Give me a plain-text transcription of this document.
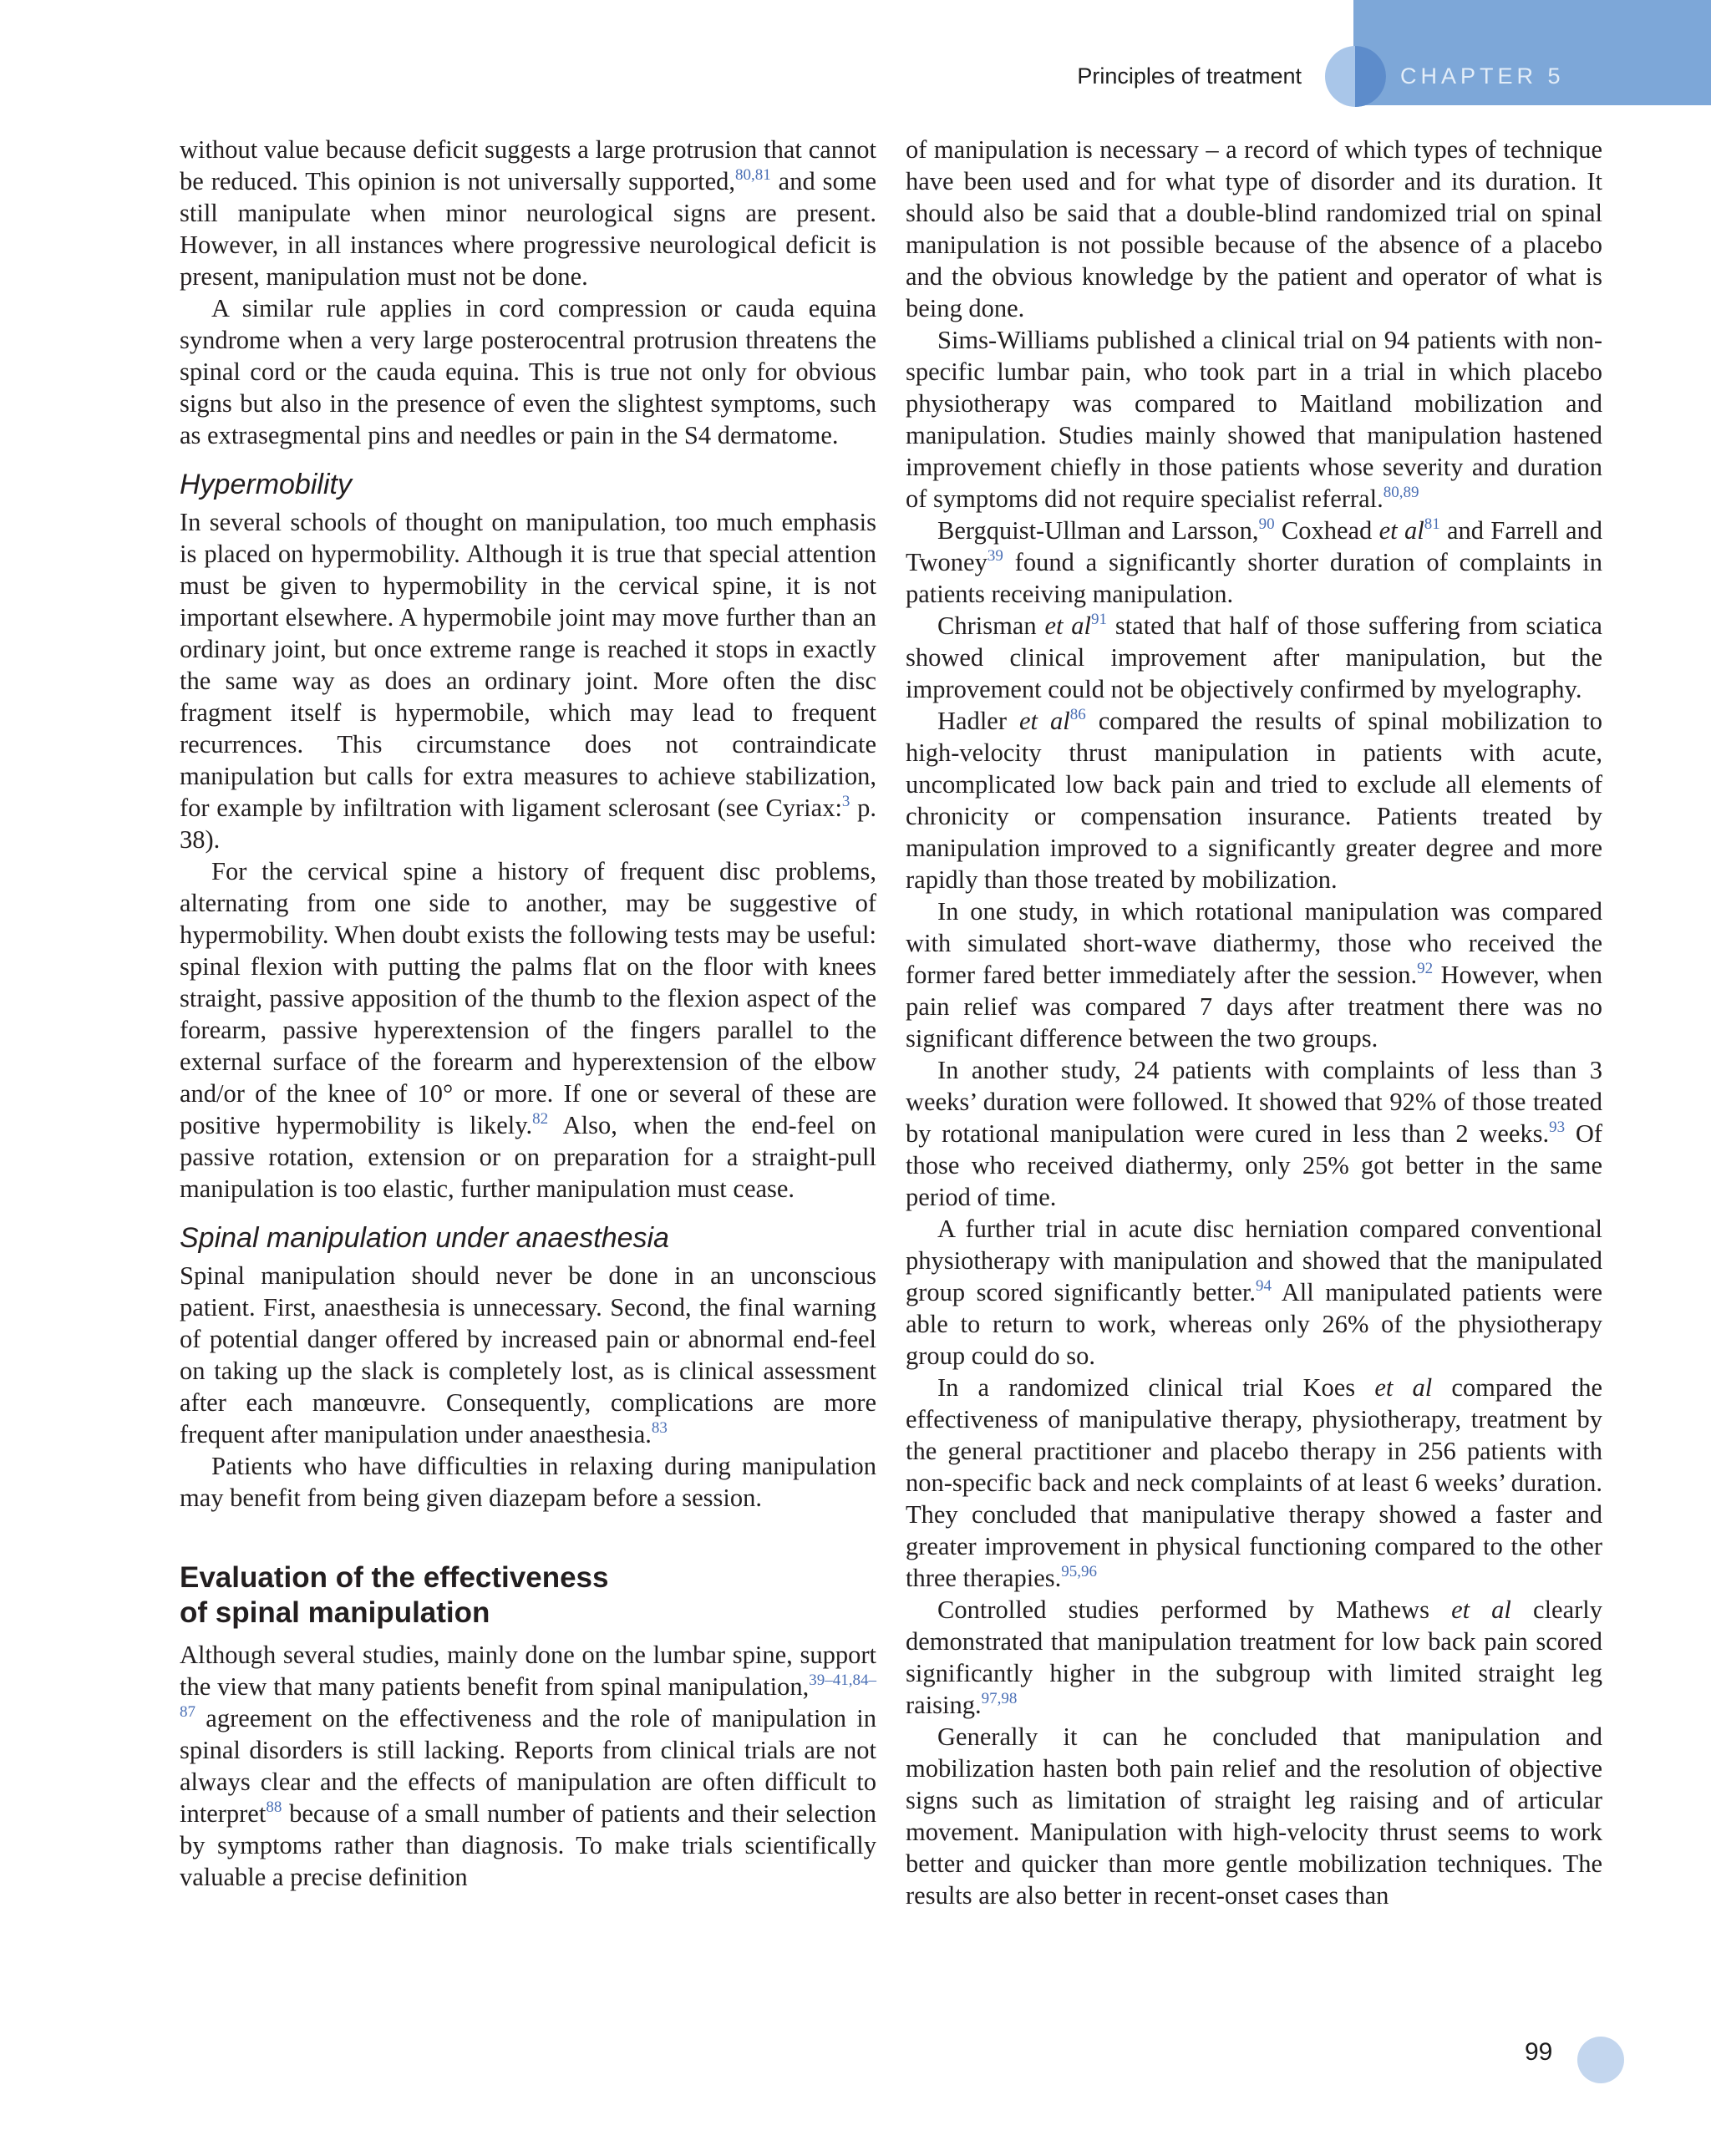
Principles of treatment	CHAPTER 5

without value because deficit suggests a large protrusion that cannot be reduced. This opinion is not universally supported,$^{80,81}$ and some still manipulate when minor neurological signs are present. However, in all instances where progressive neurological deficit is present, manipulation must not be done.

A similar rule applies in cord compression or cauda equina syndrome when a very large posterocentral protrusion threatens the spinal cord or the cauda equina. This is true not only for obvious signs but also in the presence of even the slightest symptoms, such as extrasegmental pins and needles or pain in the S4 dermatome.

Hypermobility

In several schools of thought on manipulation, too much emphasis is placed on hypermobility. Although it is true that special attention must be given to hypermobility in the cervical spine, it is not important elsewhere. A hypermobile joint may move further than an ordinary joint, but once extreme range is reached it stops in exactly the same way as does an ordinary joint. More often the disc fragment itself is hypermobile, which may lead to frequent recurrences. This circumstance does not contraindicate manipulation but calls for extra measures to achieve stabilization, for example by infiltration with ligament sclerosant (see Cyriax:$^3$ p. 38).

For the cervical spine a history of frequent disc problems, alternating from one side to another, may be suggestive of hypermobility. When doubt exists the following tests may be useful: spinal flexion with putting the palms flat on the floor with knees straight, passive apposition of the thumb to the flexion aspect of the forearm, passive hyperextension of the fingers parallel to the external surface of the forearm and hyperextension of the elbow and/or of the knee of 10° or more. If one or several of these are positive hypermobility is likely.$^{82}$ Also, when the end-feel on passive rotation, extension or on preparation for a straight-pull manipulation is too elastic, further manipulation must cease.

Spinal manipulation under anaesthesia

Spinal manipulation should never be done in an unconscious patient. First, anaesthesia is unnecessary. Second, the final warning of potential danger offered by increased pain or abnormal end-feel on taking up the slack is completely lost, as is clinical assessment after each manœuvre. Consequently, complications are more frequent after manipulation under anaesthesia.$^{83}$

Patients who have difficulties in relaxing during manipulation may benefit from being given diazepam before a session.

Evaluation of the effectiveness
of spinal manipulation

Although several studies, mainly done on the lumbar spine, support the view that many patients benefit from spinal manipulation,$^{39-41,84-87}$ agreement on the effectiveness and the role of manipulation in spinal disorders is still lacking. Reports from clinical trials are not always clear and the effects of manipulation are often difficult to interpret$^{88}$ because of a small number of patients and their selection by symptoms rather than diagnosis. To make trials scientifically valuable a precise definition

of manipulation is necessary – a record of which types of technique have been used and for what type of disorder and its duration. It should also be said that a double-blind randomized trial on spinal manipulation is not possible because of the absence of a placebo and the obvious knowledge by the patient and operator of what is being done.

Sims-Williams published a clinical trial on 94 patients with non-specific lumbar pain, who took part in a trial in which placebo physiotherapy was compared to Maitland mobilization and manipulation. Studies mainly showed that manipulation hastened improvement chiefly in those patients whose severity and duration of symptoms did not require specialist referral.$^{80,89}$

Bergquist-Ullman and Larsson,$^{90}$ Coxhead et al$^{81}$ and Farrell and Twoney$^{39}$ found a significantly shorter duration of complaints in patients receiving manipulation.

Chrisman et al$^{91}$ stated that half of those suffering from sciatica showed clinical improvement after manipulation, but the improvement could not be objectively confirmed by myelography.

Hadler et al$^{86}$ compared the results of spinal mobilization to high-velocity thrust manipulation in patients with acute, uncomplicated low back pain and tried to exclude all elements of chronicity or compensation insurance. Patients treated by manipulation improved to a significantly greater degree and more rapidly than those treated by mobilization.

In one study, in which rotational manipulation was compared with simulated short-wave diathermy, those who received the former fared better immediately after the session.$^{92}$ However, when pain relief was compared 7 days after treatment there was no significant difference between the two groups.

In another study, 24 patients with complaints of less than 3 weeks’ duration were followed. It showed that 92% of those treated by rotational manipulation were cured in less than 2 weeks.$^{93}$ Of those who received diathermy, only 25% got better in the same period of time.

A further trial in acute disc herniation compared conventional physiotherapy with manipulation and showed that the manipulated group scored significantly better.$^{94}$ All manipulated patients were able to return to work, whereas only 26% of the physiotherapy group could do so.

In a randomized clinical trial Koes et al compared the effectiveness of manipulative therapy, physiotherapy, treatment by the general practitioner and placebo therapy in 256 patients with non-specific back and neck complaints of at least 6 weeks’ duration. They concluded that manipulative therapy showed a faster and greater improvement in physical functioning compared to the other three therapies.$^{95,96}$

Controlled studies performed by Mathews et al clearly demonstrated that manipulation treatment for low back pain scored significantly higher in the subgroup with limited straight leg raising.$^{97,98}$

Generally it can he concluded that manipulation and mobilization hasten both pain relief and the resolution of objective signs such as limitation of straight leg raising and of articular movement. Manipulation with high-velocity thrust seems to work better and quicker than more gentle mobilization techniques. The results are also better in recent-onset cases than

99
